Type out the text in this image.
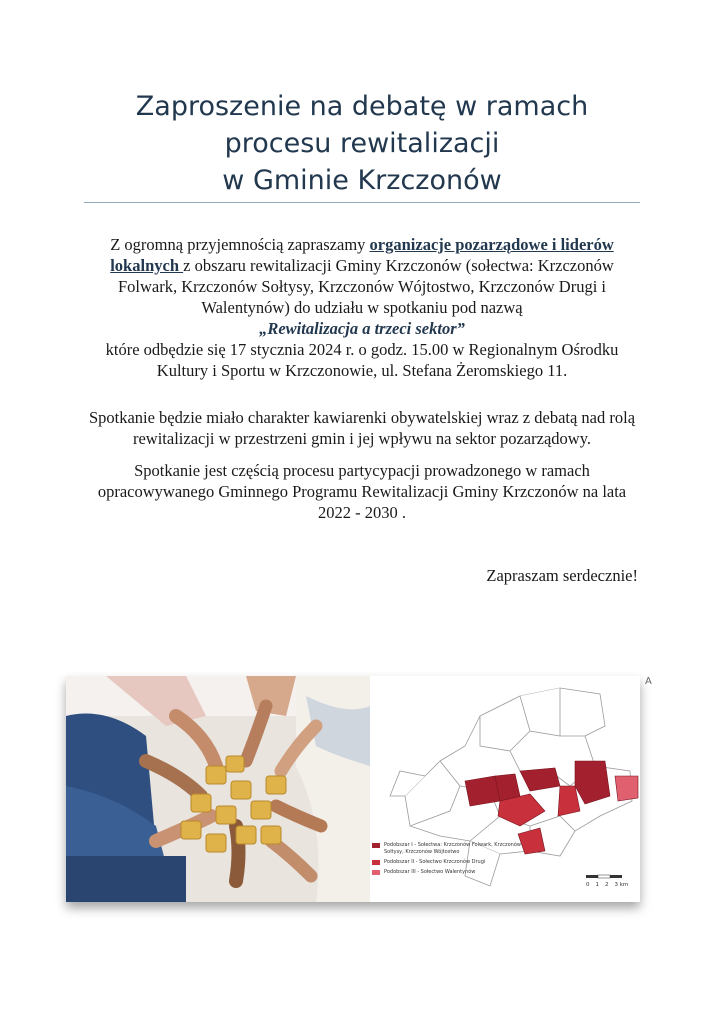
Zaproszenie na debatę w ramach
procesu rewitalizacji
w Gminie Krzczonów
Z ogromną przyjemnością zapraszamy organizacje pozarządowe i liderów lokalnych z obszaru rewitalizacji Gminy Krzczonów (sołectwa: Krzczonów Folwark, Krzczonów Sołtysy, Krzczonów Wójtostwo, Krzczonów Drugi i Walentynów) do udziału w spotkaniu pod nazwą
„Rewitalizacja a trzeci sektor”
które odbędzie się 17 stycznia 2024 r. o godz. 15.00 w Regionalnym Ośrodku Kultury i Sportu w Krzczonowie, ul. Stefana Żeromskiego 11.
Spotkanie będzie miało charakter kawiarenki obywatelskiej wraz z debatą nad rolą rewitalizacji w przestrzeni gmin i jej wpływu na sektor pozarządowy.
Spotkanie jest częścią procesu partycypacji prowadzonego w ramach opracowywanego Gminnego Programu Rewitalizacji Gminy Krzczonów na lata 2022 - 2030 .
Zapraszam serdecznie!
A
Podobszar I - Sołectwa: Krzczonów Folwark, Krzczonów Sołtysy, Krzczonów Wójtostwo
Podobszar II - Sołectwo Krzczonów Drugi
Podobszar III - Sołectwo Walentynów
0 1 2 3 km
